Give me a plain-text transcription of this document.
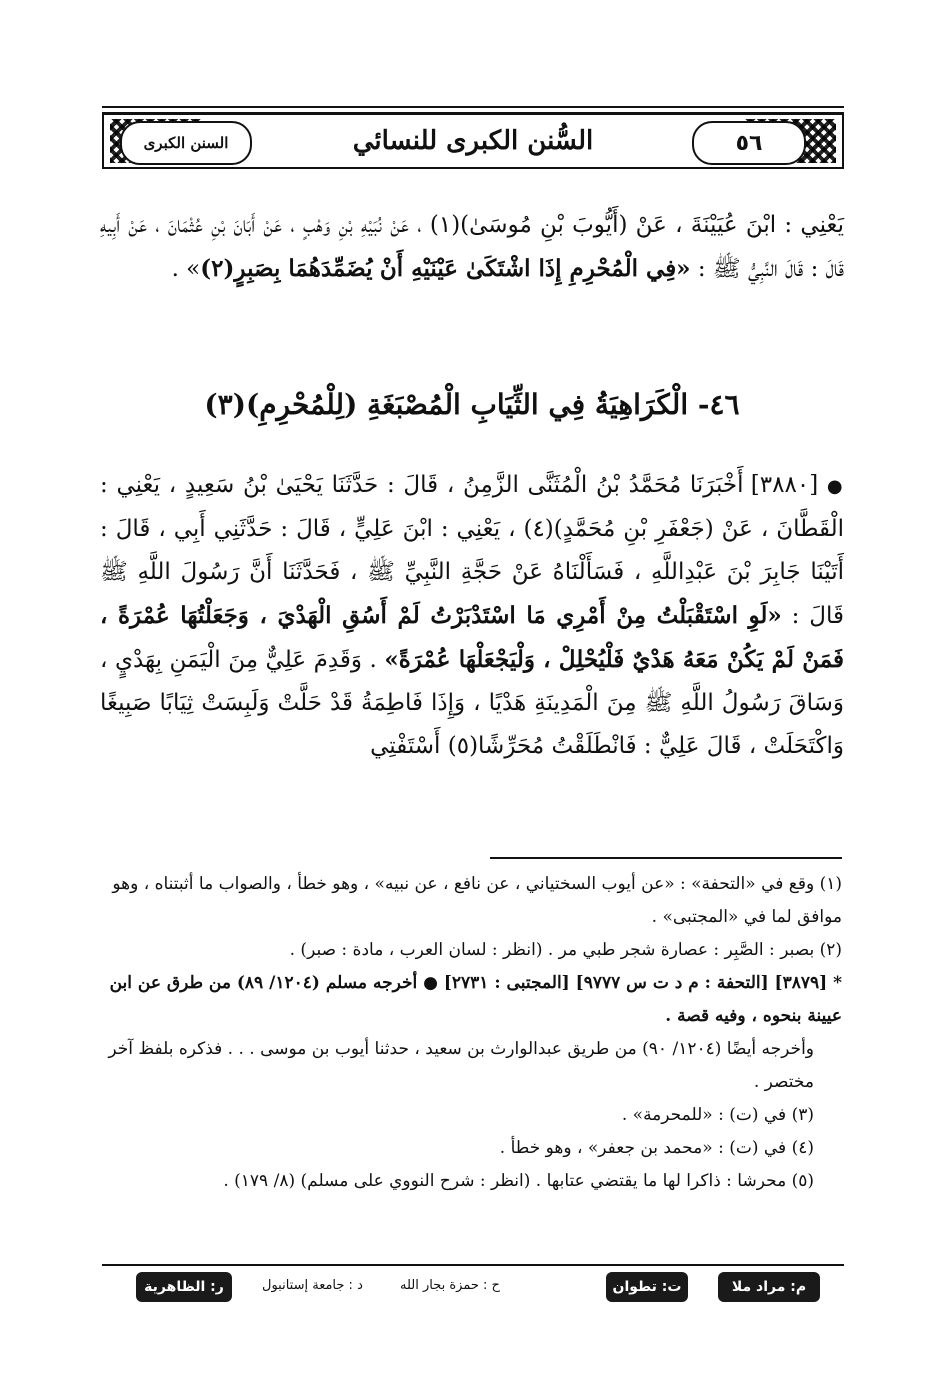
السنن الكبرى	السُّنن الكبرى للنسائي	٥٦
يَعْنِي : ابْنَ عُيَيْنَةَ ، عَنْ (أَيُّوبَ بْنِ مُوسَىٰ)(١) ، عَنْ نُبَيْهِ بْنِ وَهْبٍ ، عَنْ أَبَانَ بْنِ عُثْمَانَ ، عَنْ أَبِيهِ قَالَ : قَالَ النَّبِيُّ ﷺ : «فِي الْمُحْرِمِ إِذَا اشْتَكَىٰ عَيْنَيْهِ أَنْ يُضَمِّدَهُمَا بِصَبِرٍ(٢)» .
٤٦- الْكَرَاهِيَةُ فِي الثِّيَابِ الْمُصْبَغَةِ (لِلْمُحْرِمِ)(٣)
● [٣٨٨٠] أَخْبَرَنَا مُحَمَّدُ بْنُ الْمُثَنَّى الزَّمِنُ ، قَالَ : حَدَّثَنَا يَحْيَىٰ بْنُ سَعِيدٍ ، يَعْنِي : الْقَطَّانَ ، عَنْ (جَعْفَرِ بْنِ مُحَمَّدٍ)(٤) ، يَعْنِي : ابْنَ عَلِيٍّ ، قَالَ : حَدَّثَنِي أَبِي ، قَالَ : أَتَيْنَا جَابِرَ بْنَ عَبْدِاللَّهِ ، فَسَأَلْنَاهُ عَنْ حَجَّةِ النَّبِيِّ ﷺ ، فَحَدَّثَنَا أَنَّ رَسُولَ اللَّهِ ﷺ قَالَ : «لَوِ اسْتَقْبَلْتُ مِنْ أَمْرِي مَا اسْتَدْبَرْتُ لَمْ أَسُقِ الْهَدْيَ ، وَجَعَلْتُهَا عُمْرَةً ، فَمَنْ لَمْ يَكُنْ مَعَهُ هَدْيٌ فَلْيُحْلِلْ ، وَلْيَجْعَلْهَا عُمْرَةً» . وَقَدِمَ عَلِيٌّ مِنَ الْيَمَنِ بِهَدْيٍ ، وَسَاقَ رَسُولُ اللَّهِ ﷺ مِنَ الْمَدِينَةِ هَدْيًا ، وَإِذَا فَاطِمَةُ قَدْ حَلَّتْ وَلَبِسَتْ ثِيَابًا صَبِيغًا وَاكْتَحَلَتْ ، قَالَ عَلِيٌّ : فَانْطَلَقْتُ مُحَرِّشًا(٥) أَسْتَفْتِي

(١) وقع في «التحفة» : «عن أيوب السختياني ، عن نافع ، عن نبيه» ، وهو خطأ ، والصواب ما أثبتناه ، وهو موافق لما في «المجتبى» .

(٢) بصبر : الصَّبِر : عصارة شجر طبي مر . (انظر : لسان العرب ، مادة : صبر) .

* [٣٨٧٩] [التحفة : م د ت س ٩٧٧٧] [المجتبى : ٢٧٣١] ● أخرجه مسلم (١٢٠٤/ ٨٩) من طرق عن ابن عيينة بنحوه ، وفيه قصة .

وأخرجه أيضًا (١٢٠٤/ ٩٠) من طريق عبدالوارث بن سعيد ، حدثنا أيوب بن موسى . . . فذكره بلفظ آخر مختصر .

(٣) في (ت) : «للمحرمة» .

(٤) في (ت) : «محمد بن جعفر» ، وهو خطأ .

(٥) محرشا : ذاكرا لها ما يقتضي عتابها . (انظر : شرح النووي على مسلم) (٨/ ١٧٩) .

م: مراد ملا
ت: تطوان
ح : حمزة بجار الله
د : جامعة إستانبول
ر: الظاهرية
